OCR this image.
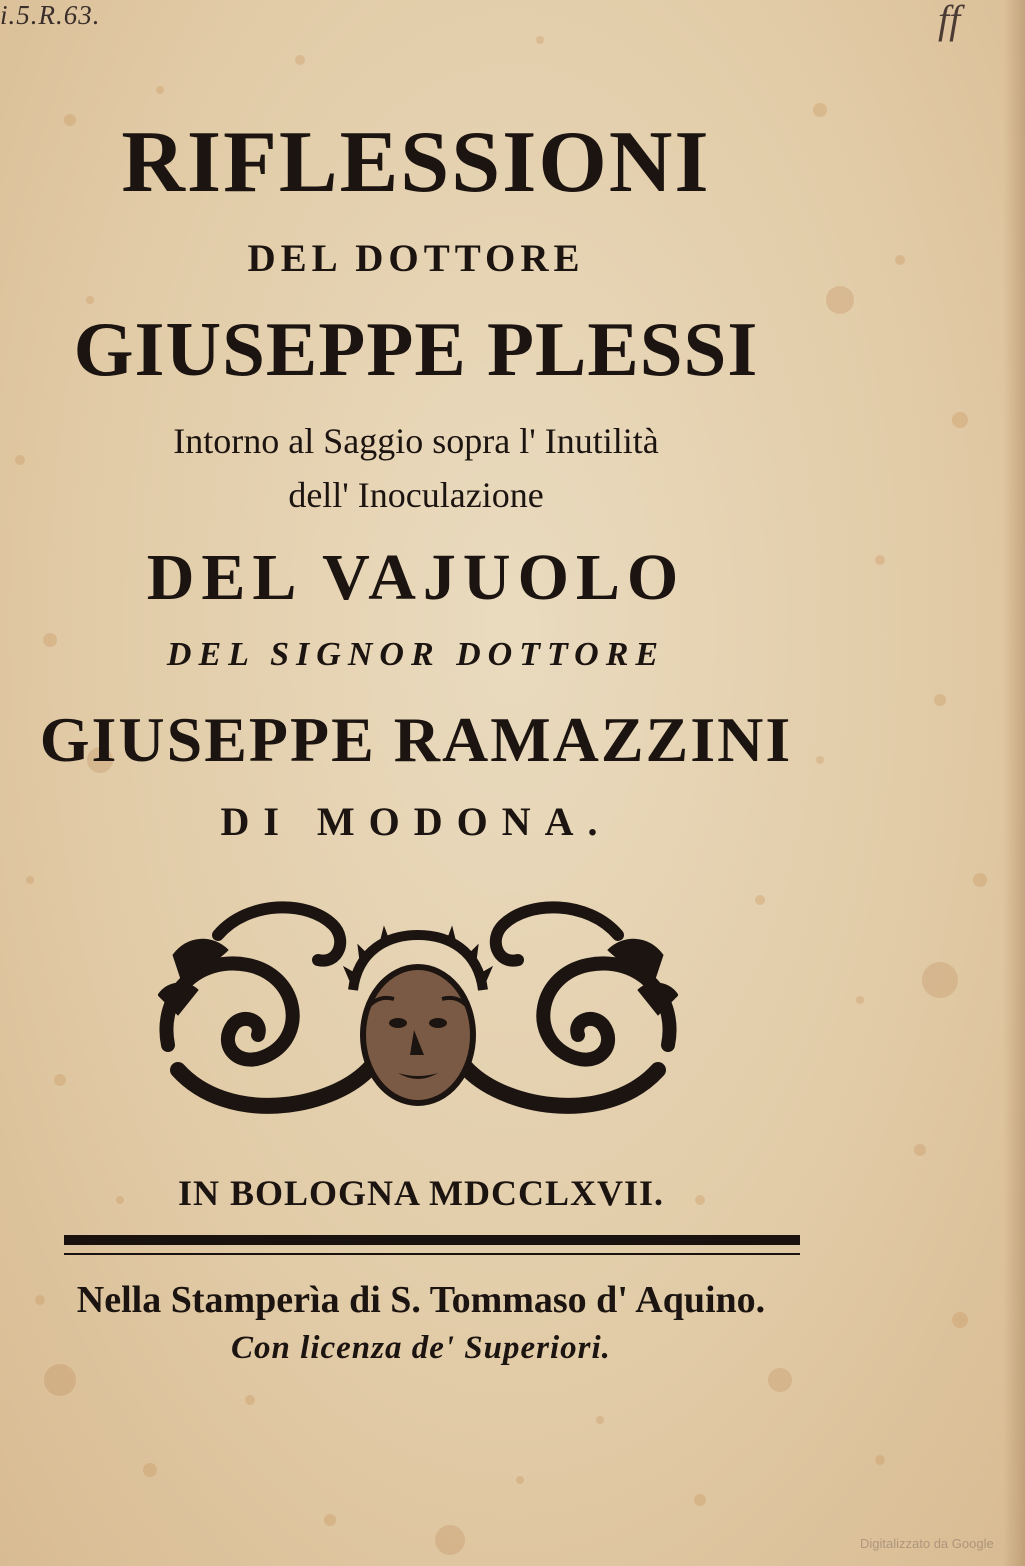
i.5.R.63.	ff

RIFLESSIONI

DEL DOTTORE

GIUSEPPE PLESSI

Intorno al Saggio sopra l' Inutilità

dell' Inoculazione

DEL VAJUOLO

DEL SIGNOR DOTTORE

GIUSEPPE RAMAZZINI

DI MODONA.

IN BOLOGNA MDCCLXVII.

Nella Stamperìa di S. Tommaso d' Aquino.

Con licenza de' Superiori.

Digitalizzato da Google
